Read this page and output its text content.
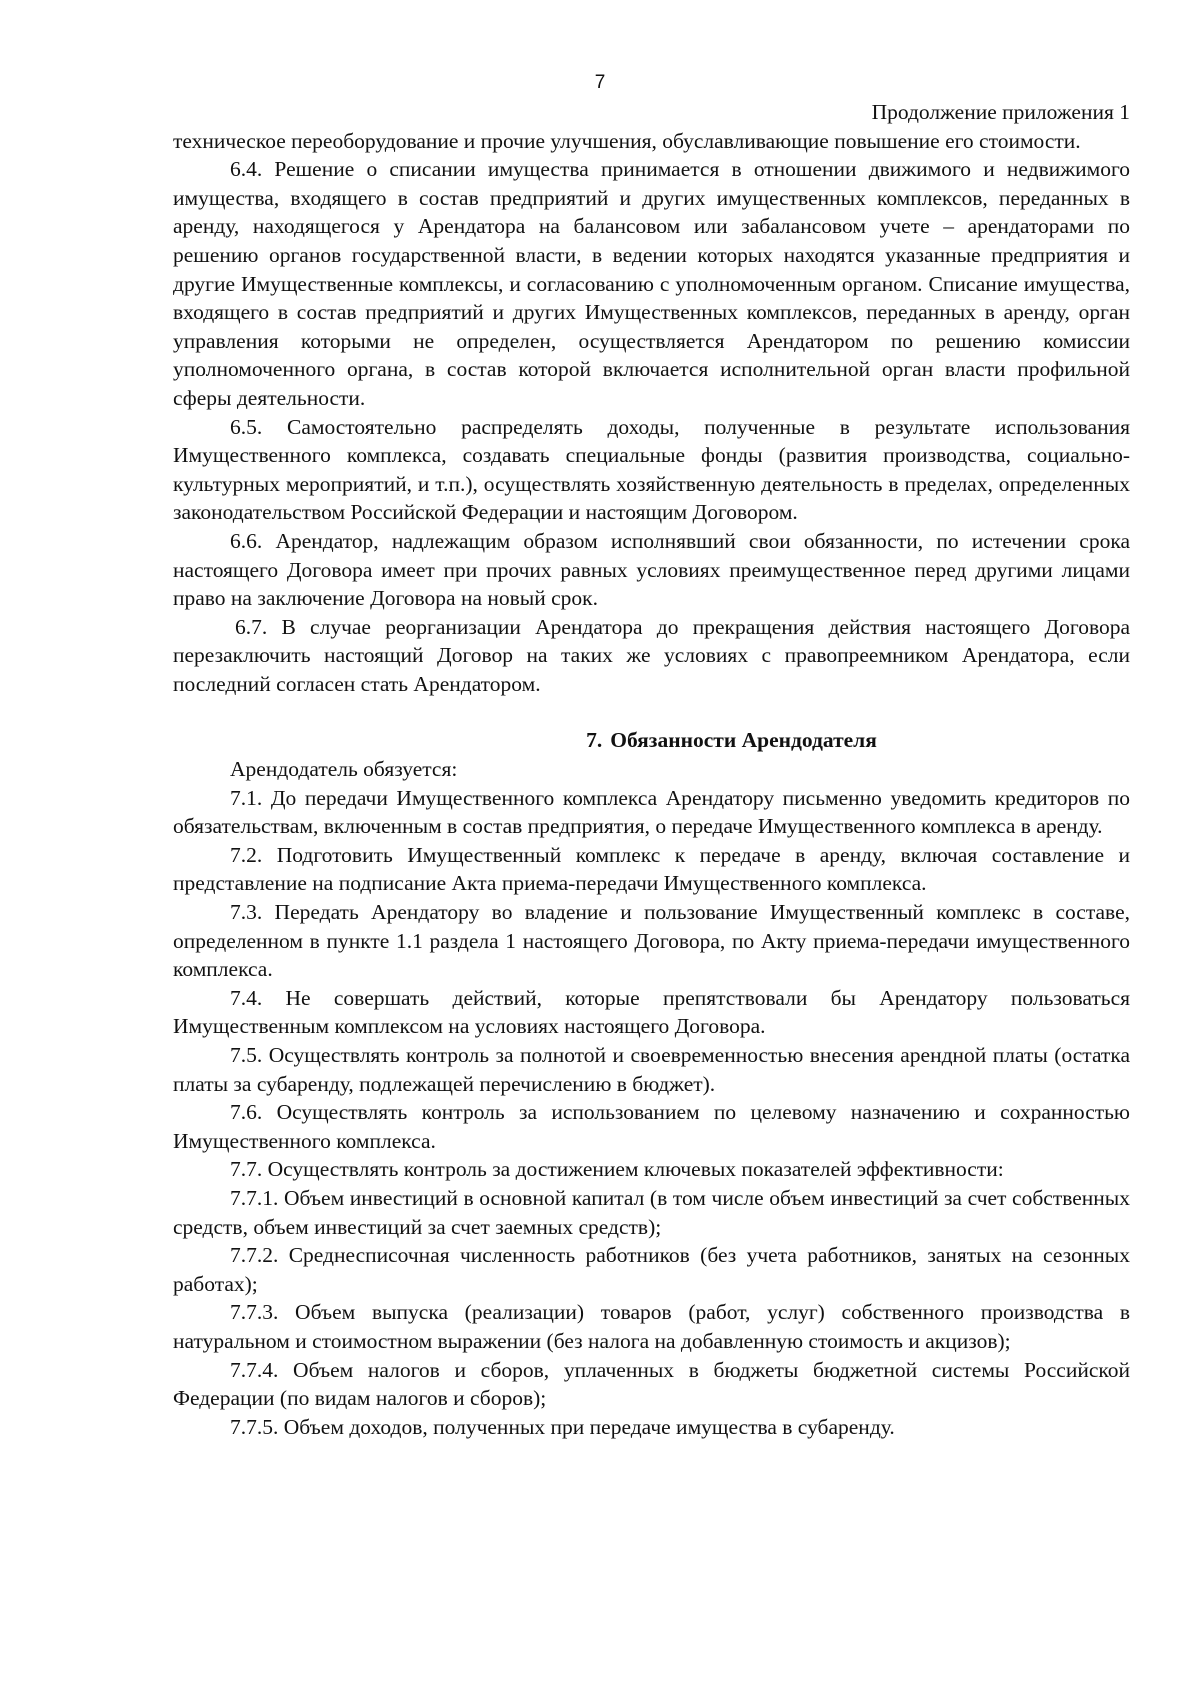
7

Продолжение приложения 1

техническое переоборудование и прочие улучшения, обуславливающие повышение его стоимости.

6.4. Решение о списании имущества принимается в отношении движимого и недвижимого имущества, входящего в состав предприятий и других имущественных комплексов, переданных в аренду, находящегося у Арендатора на балансовом или забалансовом учете – арендаторами по решению органов государственной власти, в ведении которых находятся указанные предприятия и другие Имущественные комплексы, и согласованию с уполномоченным органом. Списание имущества, входящего в состав предприятий и других Имущественных комплексов, переданных в аренду, орган управления которыми не определен, осуществляется Арендатором по решению комиссии уполномоченного органа, в состав которой включается исполнительной орган власти профильной сферы деятельности.

6.5. Самостоятельно распределять доходы, полученные в результате использования Имущественного комплекса, создавать специальные фонды (развития производства, социально-культурных мероприятий, и т.п.), осуществлять хозяйственную деятельность в пределах, определенных законодательством Российской Федерации и настоящим Договором.

6.6. Арендатор, надлежащим образом исполнявший свои обязанности, по истечении срока настоящего Договора имеет при прочих равных условиях преимущественное перед другими лицами право на заключение Договора на новый срок.

6.7. В случае реорганизации Арендатора до прекращения действия настоящего Договора перезаключить настоящий Договор на таких же условиях с правопреемником Арендатора, если последний согласен стать Арендатором.

7. Обязанности Арендодателя

Арендодатель обязуется:

7.1. До передачи Имущественного комплекса Арендатору письменно уведомить кредиторов по обязательствам, включенным в состав предприятия, о передаче Имущественного комплекса в аренду.

7.2. Подготовить Имущественный комплекс к передаче в аренду, включая составление и представление на подписание Акта приема-передачи Имущественного комплекса.

7.3. Передать Арендатору во владение и пользование Имущественный комплекс в составе, определенном в пункте 1.1 раздела 1 настоящего Договора, по Акту приема-передачи имущественного комплекса.

7.4. Не совершать действий, которые препятствовали бы Арендатору пользоваться Имущественным комплексом на условиях настоящего Договора.

7.5. Осуществлять контроль за полнотой и своевременностью внесения арендной платы (остатка платы за субаренду, подлежащей перечислению в бюджет).

7.6. Осуществлять контроль за использованием по целевому назначению и сохранностью Имущественного комплекса.

7.7. Осуществлять контроль за достижением ключевых показателей эффективности:

7.7.1. Объем инвестиций в основной капитал (в том числе объем инвестиций за счет собственных средств, объем инвестиций за счет заемных средств);

7.7.2. Среднесписочная численность работников (без учета работников, занятых на сезонных работах);

7.7.3. Объем выпуска (реализации) товаров (работ, услуг) собственного производства в натуральном и стоимостном выражении (без налога на добавленную стоимость и акцизов);

7.7.4. Объем налогов и сборов, уплаченных в бюджеты бюджетной системы Российской Федерации (по видам налогов и сборов);

7.7.5. Объем доходов, полученных при передаче имущества в субаренду.
